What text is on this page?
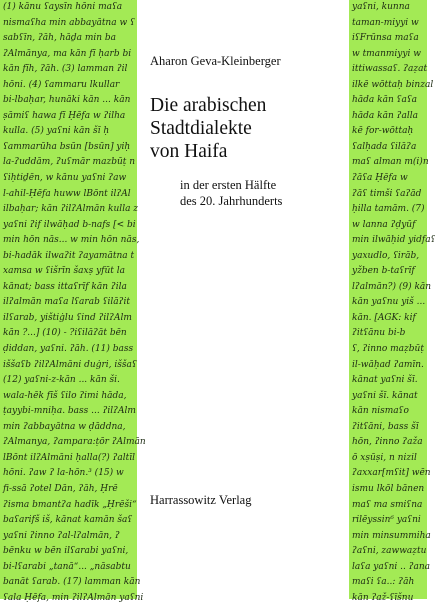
(1) kānu ʕaysīn hōni maʕa
nismaʕha min abbayātna w ʕ
sabʕīn, ʔāh, hāḏa min ba
ʔAlmānya, ma kān fī ḥarb bi
kān fīh, ʔāh. (3) lamman ʔil
hōni. (4) ʕammaru lkullar
bi-lbaḥar, hunāki kān ... kān
ṣāmiʕ hawa fī Ḥēfa w ʔilha
kulla. (5) yaʕni kān šī ḥ
ʕammarūha bsūn [bsūn] yiḥ
la-ʔuddām, ʔuʕmār mazbūṭ n
ʕiḥtiḏēn, w kānu yaʕni ʔaw
l-ahil-Ḥēfa huww lBōnt ilʔAl
ilbaḥar; kān ʔilʔAlmān kulla z
yaʕni ʔif ilwāḥad b-nafs [< bi
min hōn nās... w min hōn nās,
bi-hadāk ilwaʔit ʔayamātna t
xamsa w ʕišrīn šaxṣ yfūt la
kānat; bass ittaʕrīf kān ʔila
ilʔalmān maʕa lʕarab ʕilāʔit
ilʕarab, yištiġlu ʕind ʔilʔAlm
kān ?...] (10) - ?iʕilāʔāt bēn
ḍiddan, yaʕni. ʔāh. (11) bass
iššaʕb ʔilʔAlmāni duġri, iššaʕ
(12) yaʕni-z-kān ... kān ši.
wala-hēk fīš ʕilo ʔimi hāda,
ṭayybi-mniḥa. bass ... ʔilʔAlm
min ʔabbayātna w ḍāddna,
ʔAlmanya, ʔampara:ṭōr ʔAlmān
lBōnt ilʔAlmāni ḥalla(?) ʔaltīl
hōni. ʔaw ʔ la-hōn.³ (15) w
fi-ssā ʔotel Dān, ʔāh, Ḥrē
ʔisma bmantʔa hadīk „Ḥrēši“
baʕarifš iš, kānat kamān šaʕ
yaʕni ʔinno ʔal-lʔalmān, ʔ
bēnku w bēn ilʕarabi yaʕni,
bi-lʕarabi „tanā“... „nāsabtu
banāt ʕarab. (17) lamman kān
ʕala Ḥēfa, min ʔilʔAlmān yaʕni
yaʕni, kunna
taman-miyyi w
iʕFrūnsa maʕa
w tmanmiyyi w
ittiwassaʕ. ʔaẓat
ilkē wōttaḥ binzal
hāda kān ʕaʕa
hāda kān ʔalla
kē for-wōttaḥ
ʕalḥada ʕilāʔa
maʕ alman m(i)n
ʔāʕa Ḥēfa w
ʔāʕ timši ʕaʔād
ḥilla tamām. (7)
w lanna ʔḍyūf
min ilwāḥid yidfaʕ
yaxudlo, ʕirāb,
yžben b-taʕrīf
lʔalmān?) (9) kān
kān yaʕnu yiš ...
kān. [AGK: kif
ʔitʕānu bi-b
ʕ, ʔinno maẓbūṭ
il-wāḥad ʔamīn.
kānat yaʕni šī.
yaʕni šī. kānat
kān nismaʕo
ʔitʕāni, bass šī
hōn, ʔinno ʔaža
ō xṣūṣi, n nizil
ʔaxxar[mʕit] wēn
ismu lkōl bānen
maʕ ma smiʕna
rilēyssin⁶ yaʕni
min minsummiha
ʔaʕni, zawwaẓtu
laʕa yaʕni .. ʔana
maʕi ʕa..: ʔāh
kān ʔaž-ʕīšnu
Aharon Geva-Kleinberger
Die arabischen
Stadtdialekte
von Haifa
in der ersten Hälfte
des 20. Jahrhunderts
Harrassowitz Verlag
